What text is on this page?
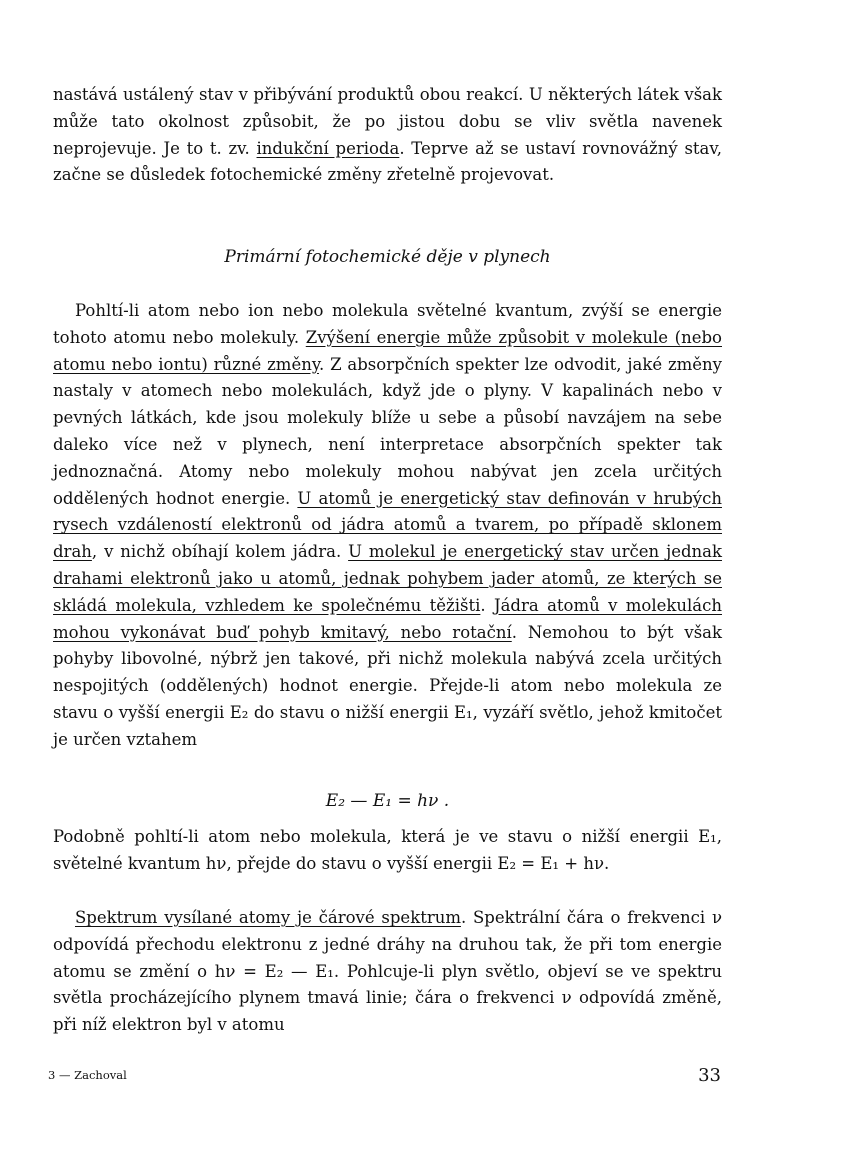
nastává ustálený stav v přibývání produktů obou reakcí. U některých látek však může tato okolnost způsobit, že po jistou dobu se vliv světla navenek neprojevuje. Je to t. zv. indukční perioda. Teprve až se ustaví rovnovážný stav, začne se důsledek fotochemické změny zřetelně projevovat.

Primární fotochemické děje v plynech

Pohltí-li atom nebo ion nebo molekula světelné kvantum, zvýší se energie tohoto atomu nebo molekuly. Zvýšení energie může způsobit v molekule (nebo atomu nebo iontu) různé změny. Z absorpčních spekter lze odvodit, jaké změny nastaly v atomech nebo molekulách, když jde o plyny. V kapalinách nebo v pevných látkách, kde jsou molekuly blíže u sebe a působí navzájem na sebe daleko více než v plynech, není interpretace absorpčních spekter tak jednoznačná. Atomy nebo molekuly mohou nabývat jen zcela určitých oddělených hodnot energie. U atomů je energetický stav definován v hrubých rysech vzdáleností elektronů od jádra atomů a tvarem, po případě sklonem drah, v nichž obíhají kolem jádra. U molekul je energetický stav určen jednak drahami elektronů jako u atomů, jednak pohybem jader atomů, ze kterých se skládá molekula, vzhledem ke společnému těžišti. Jádra atomů v molekulách mohou vykonávat buď pohyb kmitavý, nebo rotační. Nemohou to být však pohyby libovolné, nýbrž jen takové, při nichž molekula nabývá zcela určitých nespojitých (oddělených) hodnot energie. Přejde-li atom nebo molekula ze stavu o vyšší energii E₂ do stavu o nižší energii E₁, vyzáří světlo, jehož kmitočet je určen vztahem

E₂ — E₁ = hν .

Podobně pohltí-li atom nebo molekula, která je ve stavu o nižší energii E₁, světelné kvantum hν, přejde do stavu o vyšší energii E₂ = E₁ + hν.

Spektrum vysílané atomy je čárové spektrum. Spektrální čára o frekvenci ν odpovídá přechodu elektronu z jedné dráhy na druhou tak, že při tom energie atomu se změní o hν = E₂ — E₁. Pohlcuje-li plyn světlo, objeví se ve spektru světla procházejícího plynem tmavá linie; čára o frekvenci ν odpovídá změně, při níž elektron byl v atomu

3 — Zachoval	33
